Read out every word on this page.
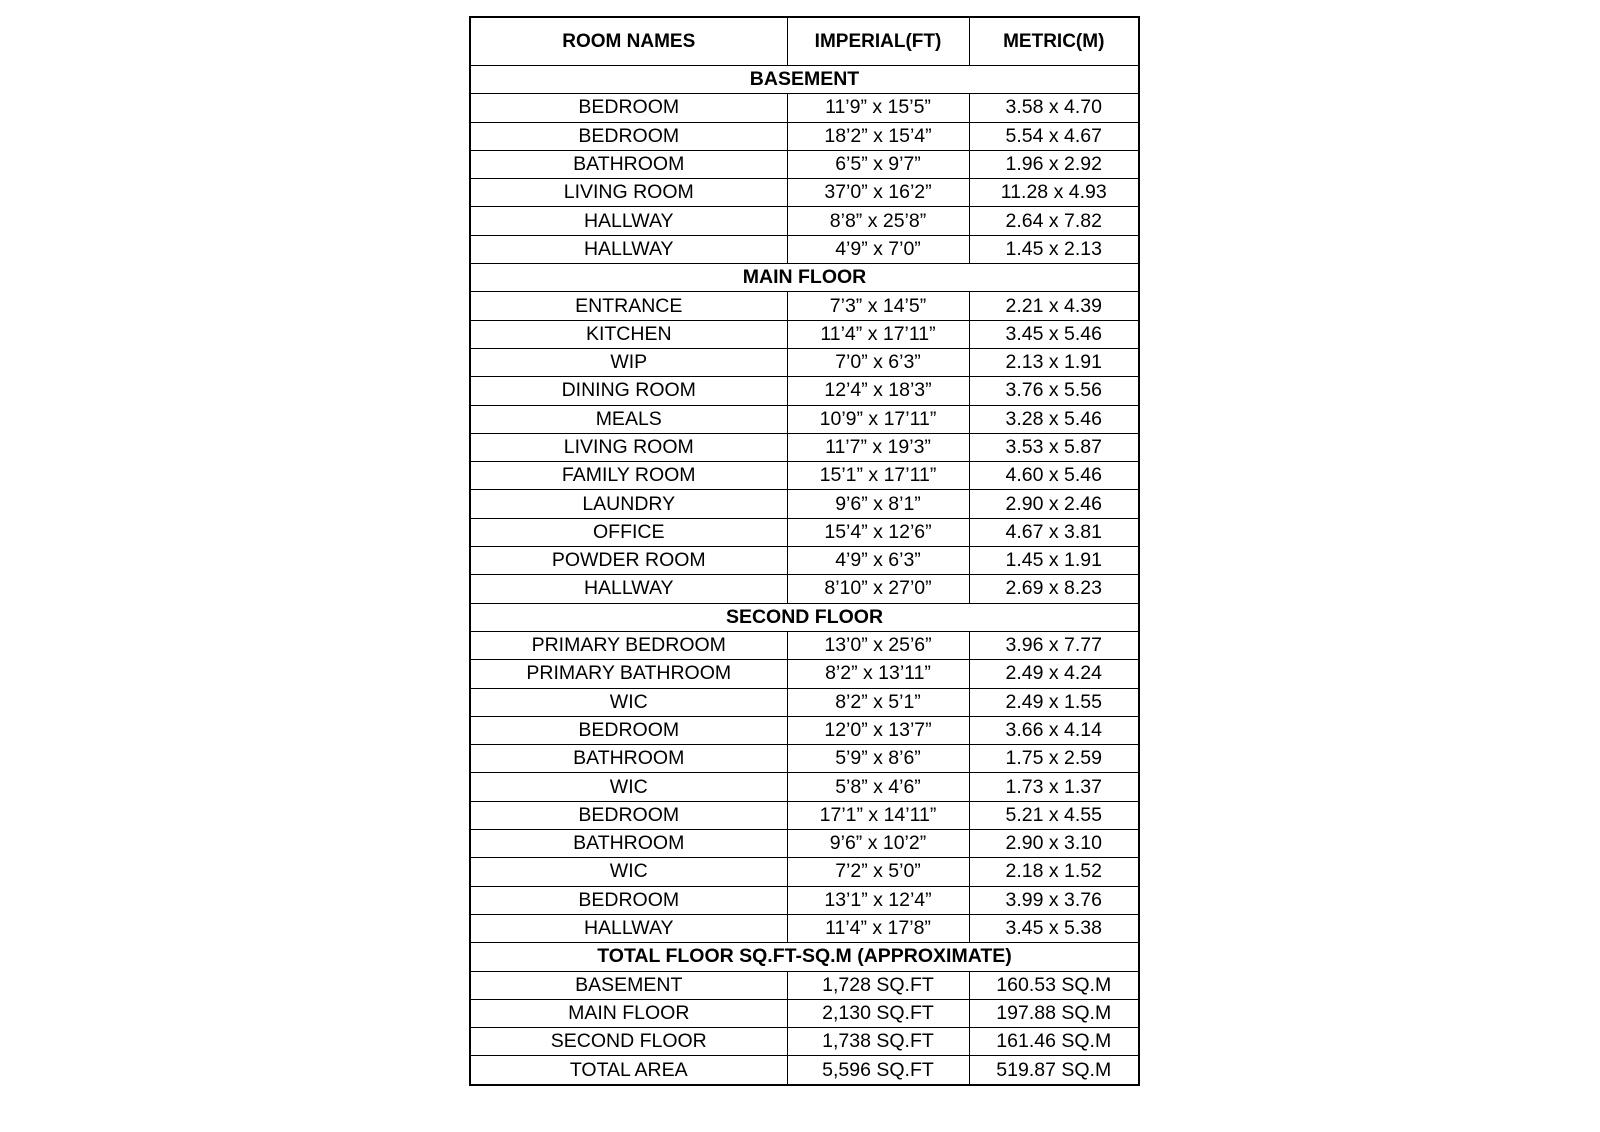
ROOM NAMES	IMPERIAL(FT)	METRIC(M)
BASEMENT		
BEDROOM	11’9” x 15’5”	3.58 x 4.70
BEDROOM	18’2” x 15’4”	5.54 x 4.67
BATHROOM	6’5” x 9’7”	1.96 x 2.92
LIVING ROOM	37’0” x 16’2”	11.28 x 4.93
HALLWAY	8’8” x 25’8”	2.64 x 7.82
HALLWAY	4’9” x 7’0”	1.45 x 2.13
MAIN FLOOR		
ENTRANCE	7’3” x 14’5”	2.21 x 4.39
KITCHEN	11’4” x 17’11”	3.45 x 5.46
WIP	7’0” x 6’3”	2.13 x 1.91
DINING ROOM	12’4” x 18’3”	3.76 x 5.56
MEALS	10’9” x 17’11”	3.28 x 5.46
LIVING ROOM	11’7” x 19’3”	3.53 x 5.87
FAMILY ROOM	15’1” x 17’11”	4.60 x 5.46
LAUNDRY	9’6” x 8’1”	2.90 x 2.46
OFFICE	15’4” x 12’6”	4.67 x 3.81
POWDER ROOM	4’9” x 6’3”	1.45 x 1.91
HALLWAY	8’10” x 27’0”	2.69 x 8.23
SECOND FLOOR		
PRIMARY BEDROOM	13’0” x 25’6”	3.96 x 7.77
PRIMARY BATHROOM	8’2” x 13’11”	2.49 x 4.24
WIC	8’2” x 5’1”	2.49 x 1.55
BEDROOM	12’0” x 13’7”	3.66 x 4.14
BATHROOM	5’9” x 8’6”	1.75 x 2.59
WIC	5’8” x 4’6”	1.73 x 1.37
BEDROOM	17’1” x 14’11”	5.21 x 4.55
BATHROOM	9’6” x 10’2”	2.90 x 3.10
WIC	7’2” x 5’0”	2.18 x 1.52
BEDROOM	13’1” x 12’4”	3.99 x 3.76
HALLWAY	11’4” x 17’8”	3.45 x 5.38
TOTAL FLOOR SQ.FT-SQ.M (APPROXIMATE)		
BASEMENT	1,728 SQ.FT	160.53 SQ.M
MAIN FLOOR	2,130 SQ.FT	197.88 SQ.M
SECOND FLOOR	1,738 SQ.FT	161.46 SQ.M
TOTAL AREA	5,596 SQ.FT	519.87 SQ.M
